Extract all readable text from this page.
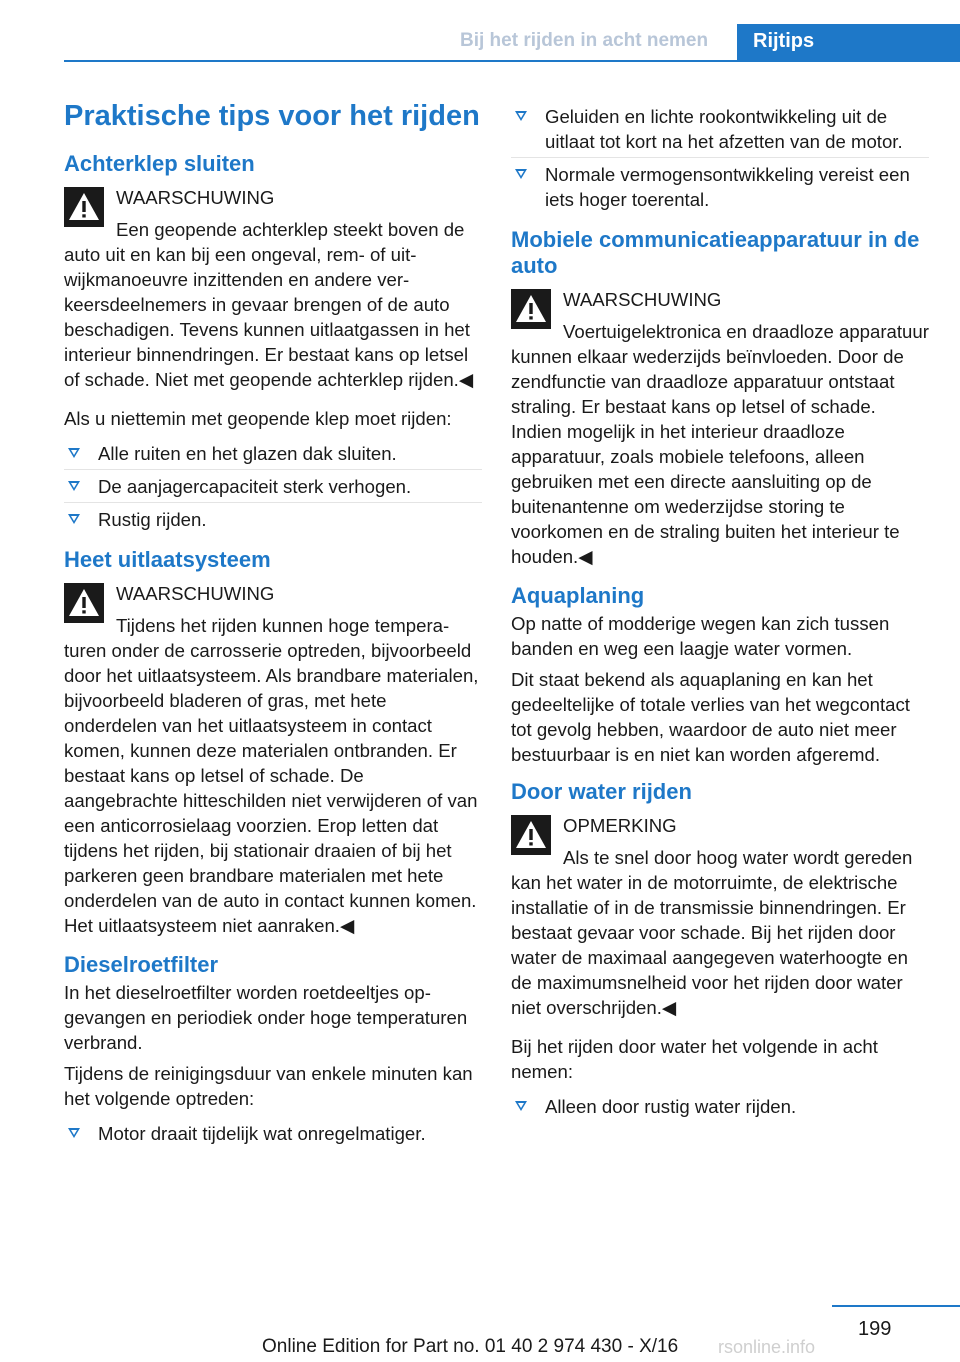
Bij het rijden in acht nemen	Rijtips
Praktische tips voor het rijden
Achterklep sluiten
WAARSCHUWING
Een geopende achterklep steekt boven de auto uit en kan bij een ongeval, rem- of uitwijkmanoeuvre inzittenden en andere verkeersdeelnemers in gevaar brengen of de auto beschadigen. Tevens kunnen uitlaatgassen in het interieur binnendringen. Er bestaat kans op letsel of schade. Niet met geopende achterklep rijden.◀
Als u niettemin met geopende klep moet rijden:
Alle ruiten en het glazen dak sluiten.
De aanjagercapaciteit sterk verhogen.
Rustig rijden.
Heet uitlaatsysteem
WAARSCHUWING
Tijdens het rijden kunnen hoge temperaturen onder de carrosserie optreden, bijvoorbeeld door het uitlaatsysteem. Als brandbare materialen, bijvoorbeeld bladeren of gras, met hete onderdelen van het uitlaatsysteem in contact komen, kunnen deze materialen ontbranden. Er bestaat kans op letsel of schade. De aangebrachte hitteschilden niet verwijderen of van een anticorrosielaag voorzien. Erop letten dat tijdens het rijden, bij stationair draaien of bij het parkeren geen brandbare materialen met hete onderdelen van de auto in contact kunnen komen. Het uitlaatsysteem niet aanraken.◀
Dieselroetfilter
In het dieselroetfilter worden roetdeeltjes opgevangen en periodiek onder hoge temperaturen verbrand.
Tijdens de reinigingsduur van enkele minuten kan het volgende optreden:
Motor draait tijdelijk wat onregelmatiger.
Geluiden en lichte rookontwikkeling uit de uitlaat tot kort na het afzetten van de motor.
Normale vermogensontwikkeling vereist een iets hoger toerental.
Mobiele communicatieapparatuur in de auto
WAARSCHUWING
Voertuigelektronica en draadloze apparatuur kunnen elkaar wederzijds beïnvloeden. Door de zendfunctie van draadloze apparatuur ontstaat straling. Er bestaat kans op letsel of schade. Indien mogelijk in het interieur draadloze apparatuur, zoals mobiele telefoons, alleen gebruiken met een directe aansluiting op de buitenantenne om wederzijdse storing te voorkomen en de straling buiten het interieur te houden.◀
Aquaplaning
Op natte of modderige wegen kan zich tussen banden en weg een laagje water vormen.
Dit staat bekend als aquaplaning en kan het gedeeltelijke of totale verlies van het wegcontact tot gevolg hebben, waardoor de auto niet meer bestuurbaar is en niet kan worden afgeremd.
Door water rijden
OPMERKING
Als te snel door hoog water wordt gereden kan het water in de motorruimte, de elektrische installatie of in de transmissie binnendringen. Er bestaat gevaar voor schade. Bij het rijden door water de maximaal aangegeven waterhoogte en de maximumsnelheid voor het rijden door water niet overschrijden.◀
Bij het rijden door water het volgende in acht nemen:
Alleen door rustig water rijden.
199
rsonline.info
Online Edition for Part no. 01 40 2 974 430 - X/16
